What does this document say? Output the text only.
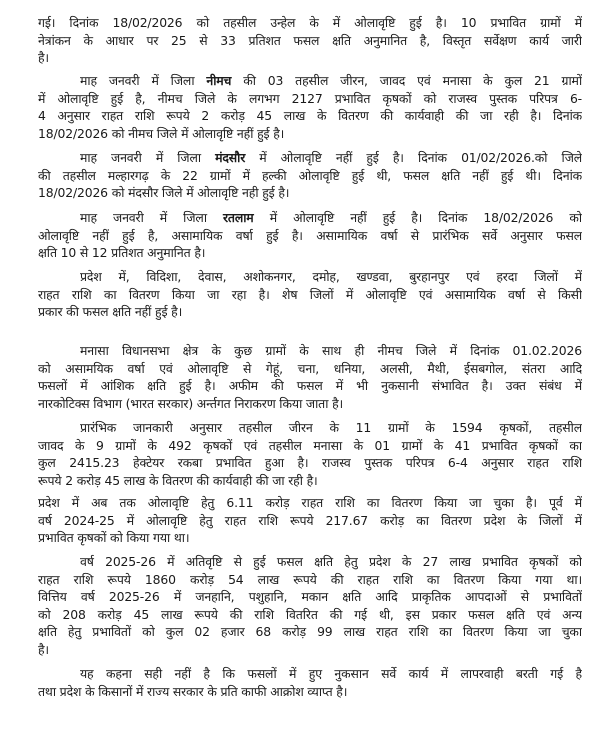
गई। दिनांक 18/02/2026 को तहसील उन्हेल के में ओलावृष्टि हुई है। 10 प्रभावित ग्रामों में
नेत्रांकन के आधार पर 25 से 33 प्रतिशत फसल क्षति अनुमानित है, विस्तृत सर्वेक्षण कार्य जारी
है।
माह जनवरी में जिला नीमच की 03 तहसील जीरन, जावद एवं मनासा के कुल 21 ग्रामों
में ओलावृष्टि हुई है, नीमच जिले के लगभग 2127 प्रभावित कृषकों को राजस्व पुस्तक परिपत्र 6-
4 अनुसार राहत राशि रूपये 2 करोड़ 45 लाख के वितरण की कार्यवाही की जा रही है। दिनांक
18/02/2026 को नीमच जिले में ओलावृष्टि नहीं हुई है।
माह जनवरी में जिला मंदसौर में ओलावृष्टि नहीं हुई है। दिनांक 01/02/2026.को जिले
की तहसील मल्हारगढ़ के 22 ग्रामों में हल्की ओलावृष्टि हुई थी, फसल क्षति नहीं हुई थी। दिनांक
18/02/2026 को मंदसौर जिले में ओलावृष्टि नही हुई है।
माह जनवरी में जिला रतलाम में ओलावृष्टि नहीं हुई है। दिनांक 18/02/2026 को
ओलावृष्टि नहीं हुई है, असामायिक वर्षा हुई है। असामायिक वर्षा से प्रारंभिक सर्वे अनुसार फसल
क्षति 10 से 12 प्रतिशत अनुमानित है।
प्रदेश में, विदिशा, देवास, अशोकनगर, दमोह, खण्डवा, बुरहानपुर एवं हरदा जिलों में
राहत राशि का वितरण किया जा रहा है। शेष जिलों में ओलावृष्टि एवं असामायिक वर्षा से किसी
प्रकार की फसल क्षति नहीं हुई है।
मनासा विधानसभा क्षेत्र के कुछ ग्रामों के साथ ही नीमच जिले में दिनांक 01.02.2026
को असामयिक वर्षा एवं ओलावृष्टि से गेहूं, चना, धनिया, अलसी, मैथी, ईसबगोल, संतरा आदि
फसलों में आंशिक क्षति हुई है। अफीम की फसल में भी नुकसानी संभावित है। उक्त संबंध में
नारकोटिक्स विभाग (भारत सरकार) अर्न्तगत निराकरण किया जाता है।
प्रारंभिक जानकारी अनुसार तहसील जीरन के 11 ग्रामों के 1594 कृषकों, तहसील
जावद के 9 ग्रामों के 492 कृषकों एवं तहसील मनासा के 01 ग्रामों के 41 प्रभावित कृषकों का
कुल 2415.23 हेक्टेयर रकबा प्रभावित हुआ है। राजस्व पुस्तक परिपत्र 6-4 अनुसार राहत राशि
रूपये 2 करोड़ 45 लाख के वितरण की कार्यवाही की जा रही है।
प्रदेश में अब तक ओलावृष्टि हेतु 6.11 करोड़ राहत राशि का वितरण किया जा चुका है। पूर्व में
वर्ष 2024-25 में ओलावृष्टि हेतु राहत राशि रूपये 217.67 करोड़ का वितरण प्रदेश के जिलों में
प्रभावित कृषकों को किया गया था।
वर्ष 2025-26 में अतिवृष्टि से हुई फसल क्षति हेतु प्रदेश के 27 लाख प्रभावित कृषकों को
राहत राशि रूपये 1860 करोड़ 54 लाख रूपये की राहत राशि का वितरण किया गया था।
वित्तिय वर्ष 2025-26 में जनहानि, पशुहानि, मकान क्षति आदि प्राकृतिक आपदाओं से प्रभावितों
को 208 करोड़ 45 लाख रूपये की राशि वितरित की गई थी, इस प्रकार फसल क्षति एवं अन्य
क्षति हेतु प्रभावितों को कुल 02 हजार 68 करोड़ 99 लाख राहत राशि का वितरण किया जा चुका
है।
यह कहना सही नहीं है कि फसलों में हुए नुकसान सर्वे कार्य में लापरवाही बरती गई है
तथा प्रदेश के किसानों में राज्य सरकार के प्रति काफी आक्रोश व्याप्त है।
